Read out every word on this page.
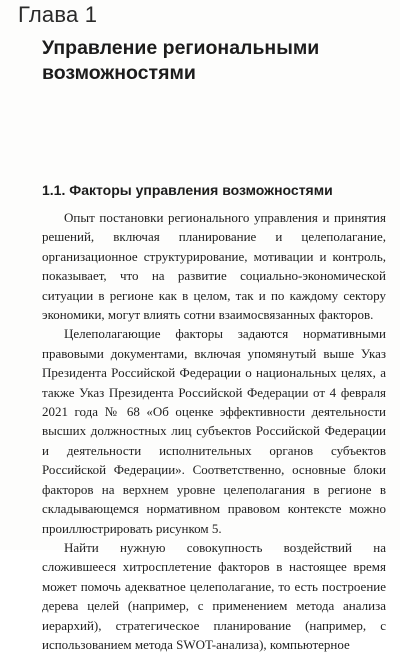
Глава 1
Управление региональными возможностями
1.1. Факторы управления возможностями

Опыт постановки регионального управления и принятия решений, включая планирование и целеполагание, организационное структурирование, мотивации и контроль, показывает, что на развитие социально-экономической ситуации в регионе как в целом, так и по каждому сектору экономики, могут влиять сотни взаимосвязанных факторов.

Целеполагающие факторы задаются нормативными правовыми документами, включая упомянутый выше Указ Президента Российской Федерации о национальных целях, а также Указ Президента Российской Федерации от 4 февраля 2021 года № 68 «Об оценке эффективности деятельности высших должностных лиц субъектов Российской Федерации и деятельности исполнительных органов субъектов Российской Федерации». Соответственно, основные блоки факторов на верхнем уровне целеполагания в регионе в складывающемся нормативном правовом контексте можно проиллюстрировать рисунком 5.

Найти нужную совокупность воздействий на сложившееся хитросплетение факторов в настоящее время может помочь адекватное целеполагание, то есть построение дерева целей (например, с применением метода анализа иерархий), стратегическое планирование (например, с использованием метода SWOT-анализа), компьютерное
